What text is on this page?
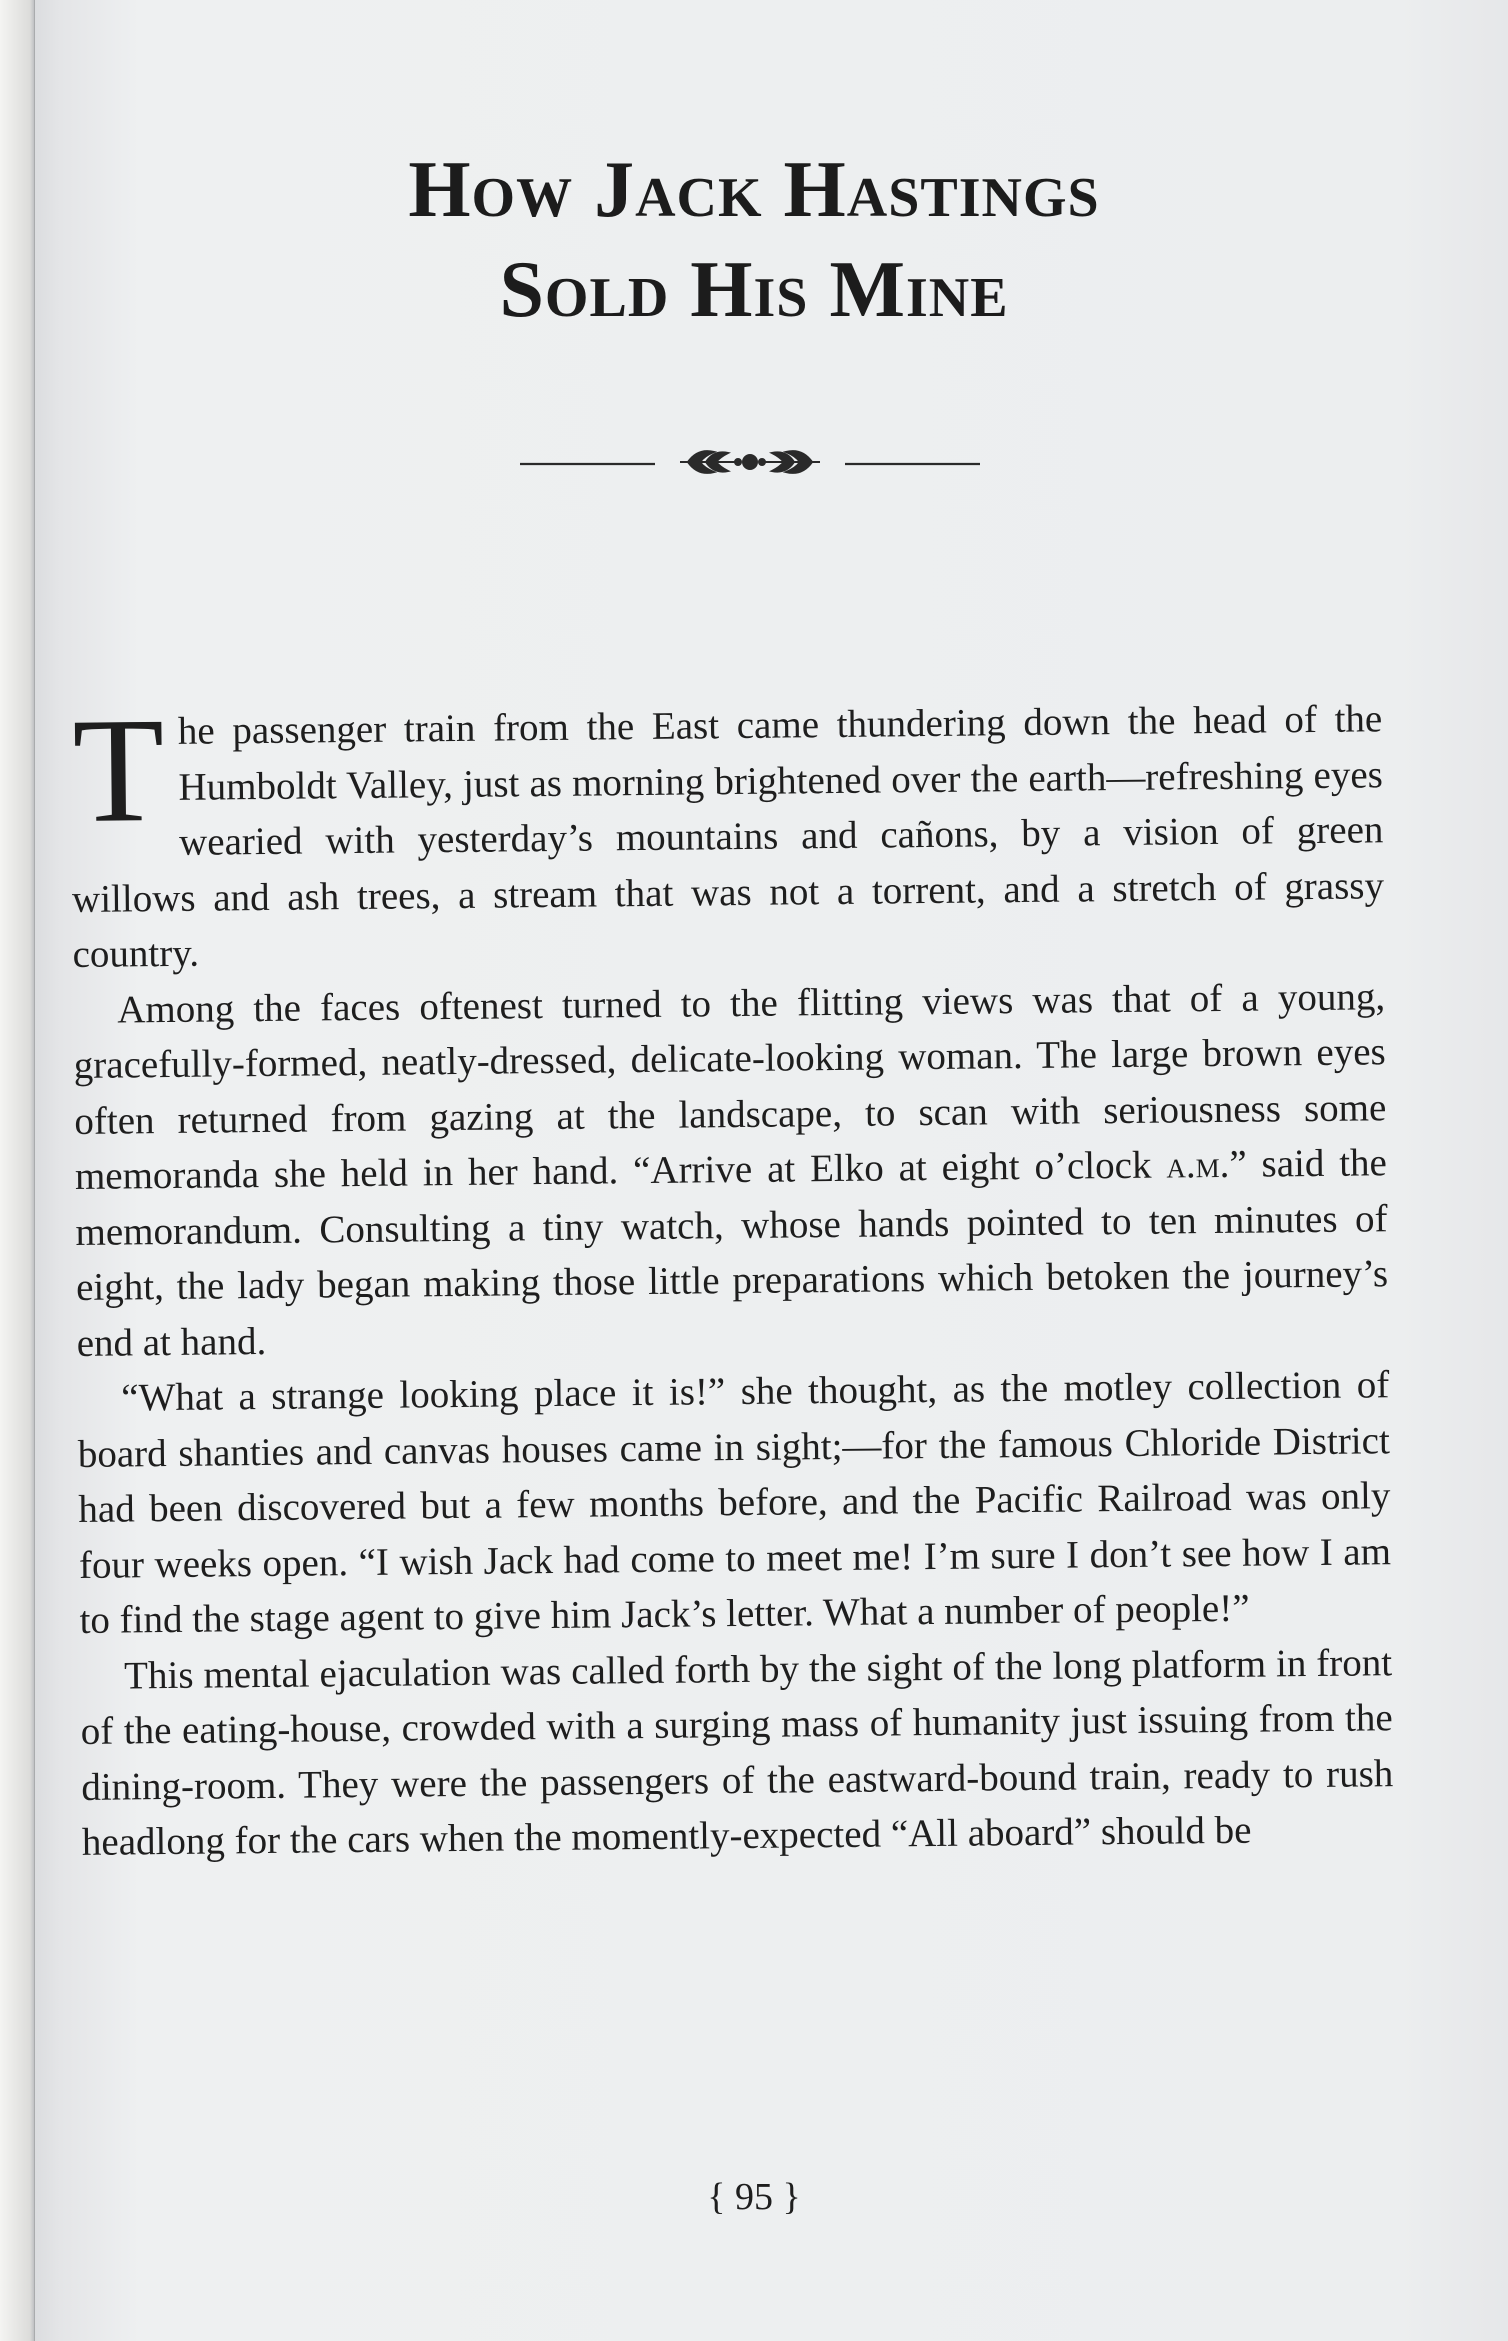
How Jack Hastings
Sold His Mine

The passenger train from the East came thundering down the head of the Humboldt Valley, just as morning brightened over the earth—refreshing eyes wearied with yesterday’s mountains and cañons, by a vision of green willows and ash trees, a stream that was not a torrent, and a stretch of grassy country.

Among the faces oftenest turned to the flitting views was that of a young, gracefully-formed, neatly-dressed, delicate-looking woman. The large brown eyes often returned from gazing at the landscape, to scan with seriousness some memoranda she held in her hand. “Arrive at Elko at eight o’clock a.m.” said the memorandum. Consulting a tiny watch, whose hands pointed to ten minutes of eight, the lady began making those little preparations which betoken the journey’s end at hand.

“What a strange looking place it is!” she thought, as the motley collection of board shanties and canvas houses came in sight;—for the famous Chloride District had been discovered but a few months before, and the Pacific Railroad was only four weeks open. “I wish Jack had come to meet me! I’m sure I don’t see how I am to find the stage agent to give him Jack’s letter. What a number of people!”

This mental ejaculation was called forth by the sight of the long platform in front of the eating-house, crowded with a surging mass of humanity just issuing from the dining-room. They were the passengers of the eastward-bound train, ready to rush headlong for the cars when the momently-expected “All aboard” should be

{ 95 }
